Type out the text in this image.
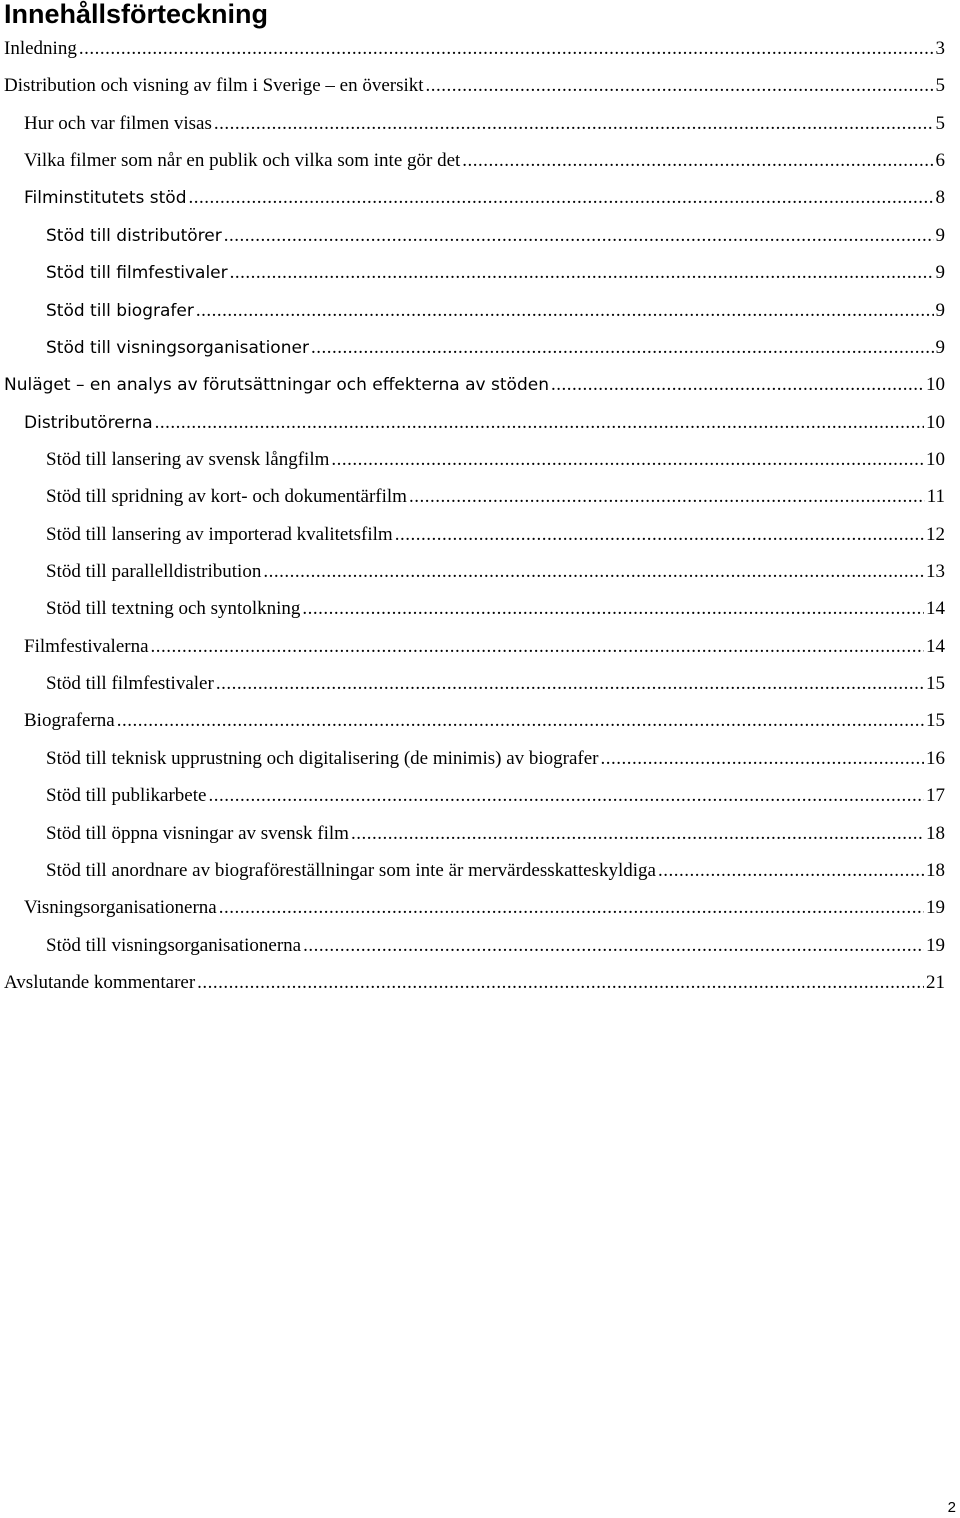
Innehållsförteckning
Inledning .....	3
Distribution och visning av film i Sverige – en översikt .....	5
Hur och var filmen visas .....	5
Vilka filmer som når en publik och vilka som inte gör det .....	6
Filminstitutets stöd .....	8
Stöd till distributörer .....	9
Stöd till filmfestivaler .....	9
Stöd till biografer .....	9
Stöd till visningsorganisationer .....	9
Nuläget – en analys av förutsättningar och effekterna av stöden .....	10
Distributörerna .....	10
Stöd till lansering av svensk långfilm .....	10
Stöd till spridning av kort- och dokumentärfilm .....	11
Stöd till lansering av importerad kvalitetsfilm .....	12
Stöd till parallelldistribution .....	13
Stöd till textning och syntolkning .....	14
Filmfestivalerna .....	14
Stöd till filmfestivaler .....	15
Biograferna .....	15
Stöd till teknisk upprustning och digitalisering (de minimis) av biografer .....	16
Stöd till publikarbete .....	17
Stöd till öppna visningar av svensk film .....	18
Stöd till anordnare av biograföreställningar som inte är mervärdesskatteskyldiga .....	18
Visningsorganisationerna .....	19
Stöd till visningsorganisationerna .....	19
Avslutande kommentarer .....	21
2
